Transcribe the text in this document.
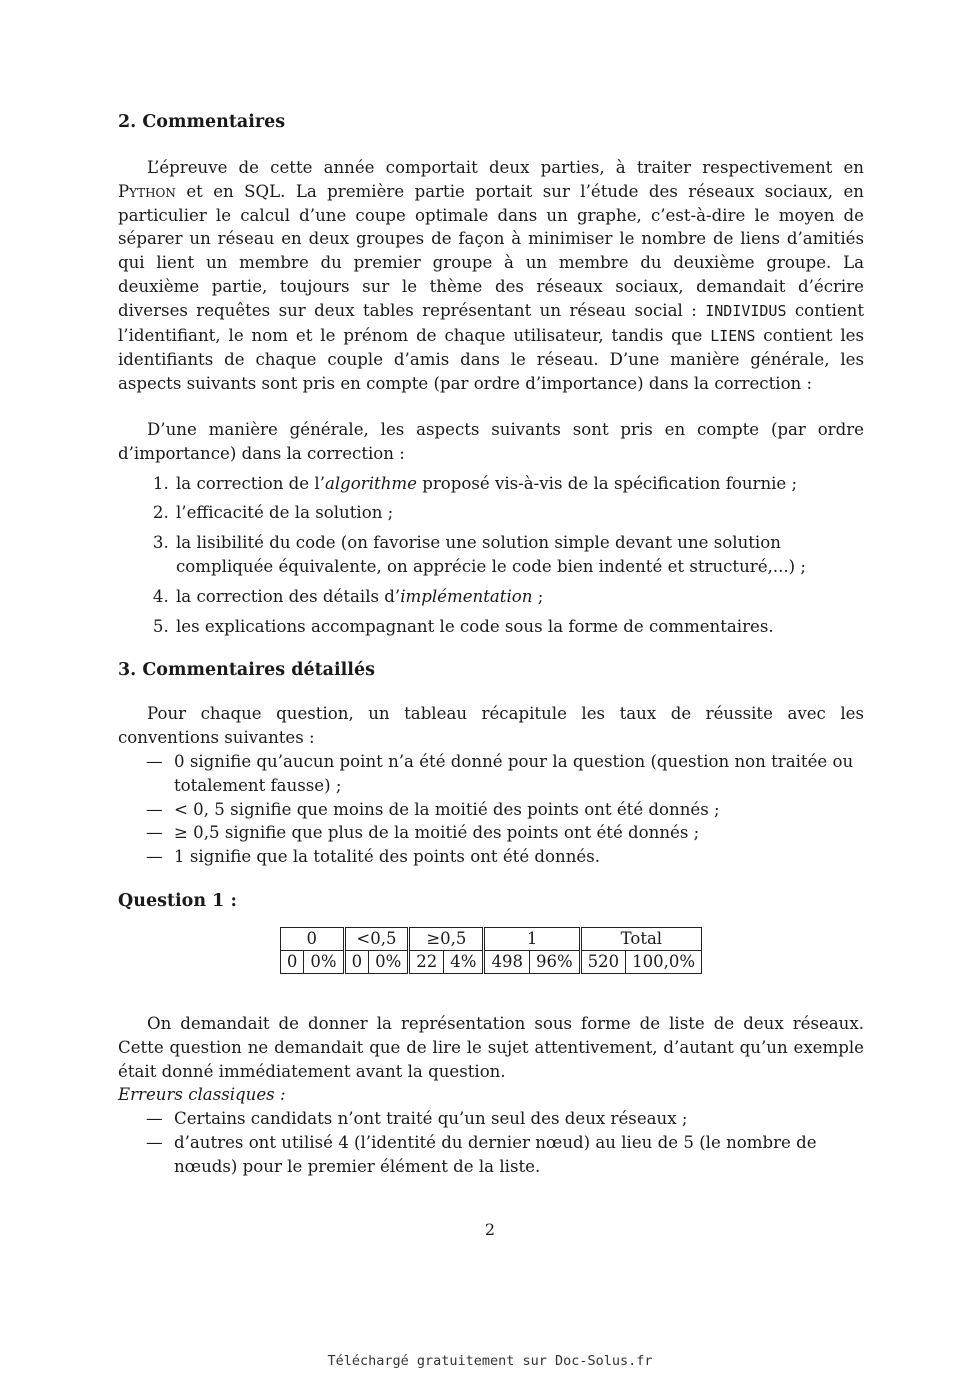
2. Commentaires

L’épreuve de cette année comportait deux parties, à traiter respectivement en Python et en SQL. La première partie portait sur l’étude des réseaux sociaux, en particulier le calcul d’une coupe optimale dans un graphe, c’est-à-dire le moyen de séparer un réseau en deux groupes de façon à minimiser le nombre de liens d’amitiés qui lient un membre du premier groupe à un membre du deuxième groupe. La deuxième partie, toujours sur le thème des réseaux sociaux, demandait d’écrire diverses requêtes sur deux tables représentant un réseau social : INDIVIDUS contient l’identifiant, le nom et le prénom de chaque utilisateur, tandis que LIENS contient les identifiants de chaque couple d’amis dans le réseau. D’une manière générale, les aspects suivants sont pris en compte (par ordre d’importance) dans la correction :

D’une manière générale, les aspects suivants sont pris en compte (par ordre d’importance) dans la correction :

1. la correction de l’algorithme proposé vis-à-vis de la spécification fournie ;
2. l’efficacité de la solution ;
3. la lisibilité du code (on favorise une solution simple devant une solution compliquée équivalente, on apprécie le code bien indenté et structuré,...) ;
4. la correction des détails d’implémentation ;
5. les explications accompagnant le code sous la forme de commentaires.
3. Commentaires détaillés

Pour chaque question, un tableau récapitule les taux de réussite avec les conventions suivantes :

— 0 signifie qu’aucun point n’a été donné pour la question (question non traitée ou totalement fausse) ;
— < 0, 5 signifie que moins de la moitié des points ont été donnés ;
— ≥ 0,5 signifie que plus de la moitié des points ont été donnés ;
— 1 signifie que la totalité des points ont été donnés.
Question 1 :
0		<0,5		≥0,5		1		Total	
0	0%	0	0%	22	4%	498	96%	520	100,0%

On demandait de donner la représentation sous forme de liste de deux réseaux. Cette question ne demandait que de lire le sujet attentivement, d’autant qu’un exemple était donné immédiatement avant la question.

Erreurs classiques :
— Certains candidats n’ont traité qu’un seul des deux réseaux ;
— d’autres ont utilisé 4 (l’identité du dernier nœud) au lieu de 5 (le nombre de nœuds) pour le premier élément de la liste.
2
Téléchargé gratuitement sur Doc-Solus.fr
